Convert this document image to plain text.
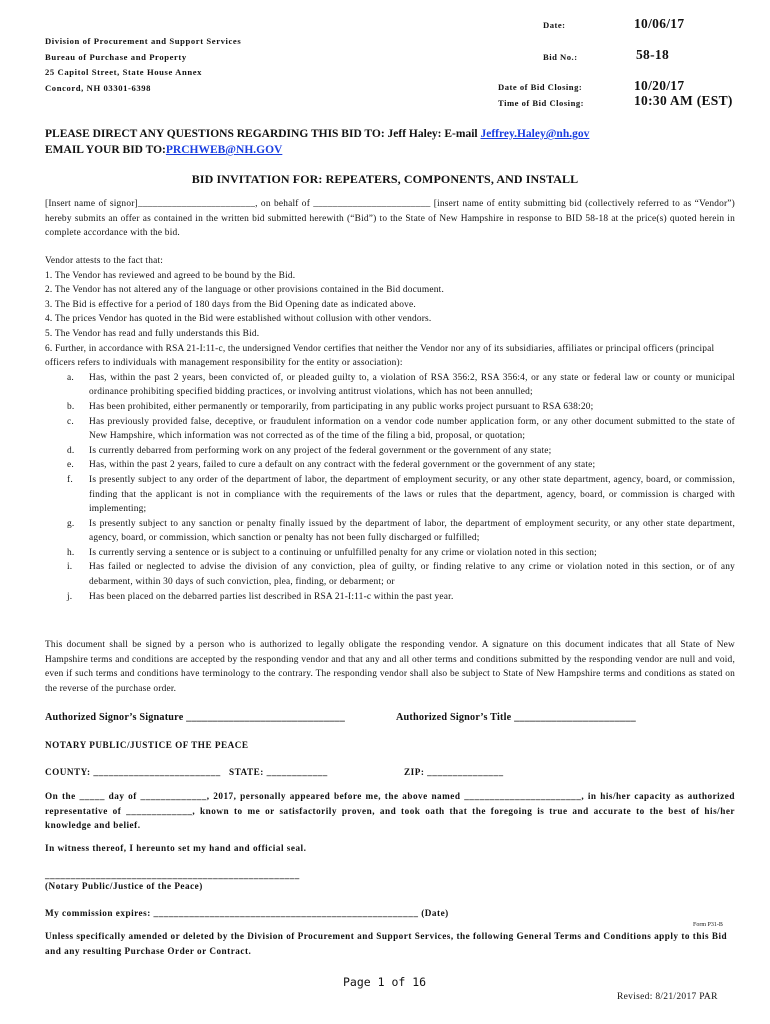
Division of Procurement and Support Services
Bureau of Purchase and Property
25 Capitol Street, State House Annex
Concord, NH 03301-6398
Date:	10/06/17
Bid No.:	58-18
Date of Bid Closing:	10/20/17
Time of Bid Closing:	10:30 AM (EST)
PLEASE DIRECT ANY QUESTIONS REGARDING THIS BID TO: Jeff Haley: E-mail Jeffrey.Haley@nh.gov
EMAIL YOUR BID TO:PRCHWEB@NH.GOV
BID INVITATION FOR: REPEATERS, COMPONENTS, AND INSTALL

[Insert name of signor]________________________, on behalf of ________________________ [insert name of entity submitting bid (collectively referred to as “Vendor”) hereby submits an offer as contained in the written bid submitted herewith (“Bid”) to the State of New Hampshire in response to BID 58-18 at the price(s) quoted herein in complete accordance with the bid.

Vendor attests to the fact that:
1. The Vendor has reviewed and agreed to be bound by the Bid.
2. The Vendor has not altered any of the language or other provisions contained in the Bid document.
3. The Bid is effective for a period of 180 days from the Bid Opening date as indicated above.
4. The prices Vendor has quoted in the Bid were established without collusion with other vendors.
5. The Vendor has read and fully understands this Bid.
6. Further, in accordance with RSA 21-I:11-c, the undersigned Vendor certifies that neither the Vendor nor any of its subsidiaries, affiliates or principal officers (principal officers refers to individuals with management responsibility for the entity or association):
a. Has, within the past 2 years, been convicted of, or pleaded guilty to, a violation of RSA 356:2, RSA 356:4, or any state or federal law or county or municipal ordinance prohibiting specified bidding practices, or involving antitrust violations, which has not been annulled;
b. Has been prohibited, either permanently or temporarily, from participating in any public works project pursuant to RSA 638:20;
c. Has previously provided false, deceptive, or fraudulent information on a vendor code number application form, or any other document submitted to the state of New Hampshire, which information was not corrected as of the time of the filing a bid, proposal, or quotation;
d. Is currently debarred from performing work on any project of the federal government or the government of any state;
e. Has, within the past 2 years, failed to cure a default on any contract with the federal government or the government of any state;
f. Is presently subject to any order of the department of labor, the department of employment security, or any other state department, agency, board, or commission, finding that the applicant is not in compliance with the requirements of the laws or rules that the department, agency, board, or commission is charged with implementing;
g. Is presently subject to any sanction or penalty finally issued by the department of labor, the department of employment security, or any other state department, agency, board, or commission, which sanction or penalty has not been fully discharged or fulfilled;
h. Is currently serving a sentence or is subject to a continuing or unfulfilled penalty for any crime or violation noted in this section;
i. Has failed or neglected to advise the division of any conviction, plea of guilty, or finding relative to any crime or violation noted in this section, or of any debarment, within 30 days of such conviction, plea, finding, or debarment; or
j. Has been placed on the debarred parties list described in RSA 21-I:11-c within the past year.

This document shall be signed by a person who is authorized to legally obligate the responding vendor. A signature on this document indicates that all State of New Hampshire terms and conditions are accepted by the responding vendor and that any and all other terms and conditions submitted by the responding vendor are null and void, even if such terms and conditions have terminology to the contrary. The responding vendor shall also be subject to State of New Hampshire terms and conditions as stated on the reverse of the purchase order.

Authorized Signor’s Signature ______________________________	Authorized Signor’s Title _______________________
NOTARY PUBLIC/JUSTICE OF THE PEACE
COUNTY: _________________________ STATE: ____________	ZIP: _______________

On the _____ day of _____________, 2017, personally appeared before me, the above named _______________________, in his/her capacity as authorized representative of _____________, known to me or satisfactorily proven, and took oath that the foregoing is true and accurate to the best of his/her knowledge and belief.

In witness thereof, I hereunto set my hand and official seal.
__________________________________________________
(Notary Public/Justice of the Peace)
My commission expires: ____________________________________________________ (Date)
Form P31-B

Unless specifically amended or deleted by the Division of Procurement and Support Services, the following General Terms and Conditions apply to this Bid and any resulting Purchase Order or Contract.

Page 1 of 16
Revised: 8/21/2017 PAR
